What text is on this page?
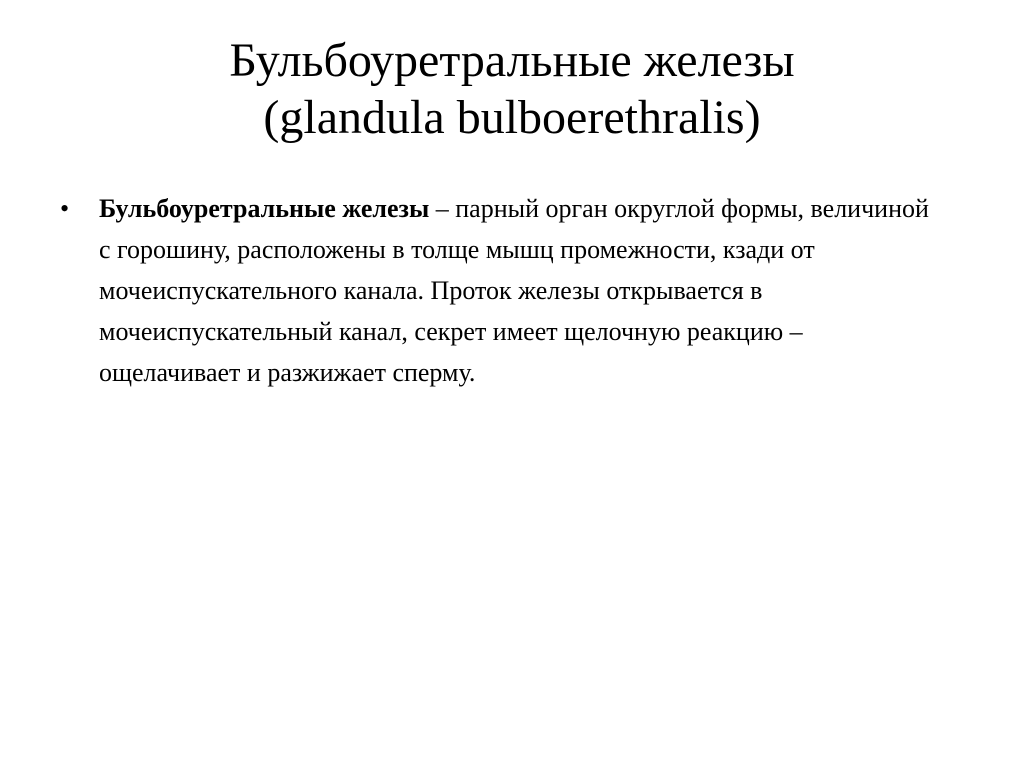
Бульбоуретральные железы
(glandula bulboerethralis)
• Бульбоуретральные железы – парный орган округлой формы, величиной с горошину, расположены в толще мышц промежности, кзади от мочеиспускательного канала. Проток железы открывается в мочеиспускательный канал, секрет имеет щелочную реакцию – ощелачивает и разжижает сперму.
